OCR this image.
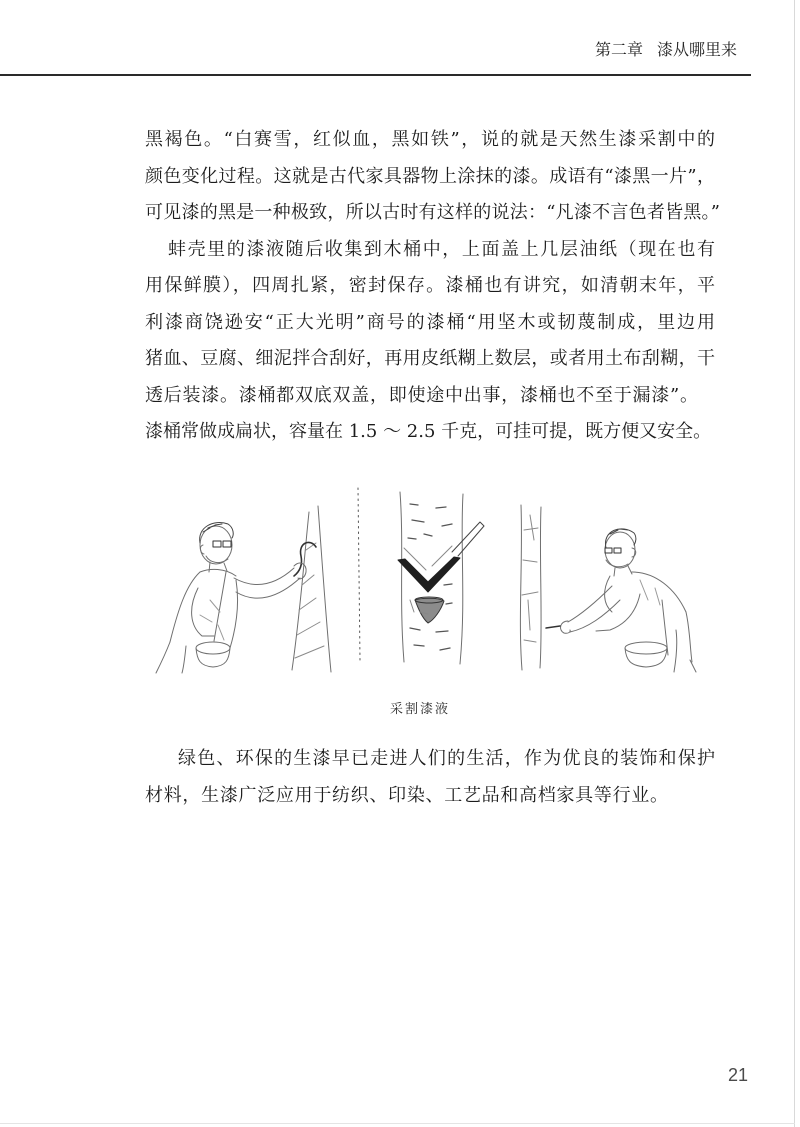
第二章 漆从哪里来
黑褐色。“白赛雪，红似血，黑如铁”，说的就是天然生漆采割中的
颜色变化过程。这就是古代家具器物上涂抹的漆。成语有“漆黑一片”，
可见漆的黑是一种极致，所以古时有这样的说法：“凡漆不言色者皆黑。”
蚌壳里的漆液随后收集到木桶中，上面盖上几层油纸（现在也有
用保鲜膜），四周扎紧，密封保存。漆桶也有讲究，如清朝末年，平
利漆商饶逊安“正大光明”商号的漆桶“用坚木或韧蔑制成，里边用
猪血、豆腐、细泥拌合刮好，再用皮纸糊上数层，或者用土布刮糊，干
透后装漆。漆桶都双底双盖，即使途中出事，漆桶也不至于漏漆”。
漆桶常做成扁状，容量在 1.5 ～ 2.5 千克，可挂可提，既方便又安全。
采割漆液
绿色、环保的生漆早已走进人们的生活，作为优良的装饰和保护
材料，生漆广泛应用于纺织、印染、工艺品和高档家具等行业。
21
